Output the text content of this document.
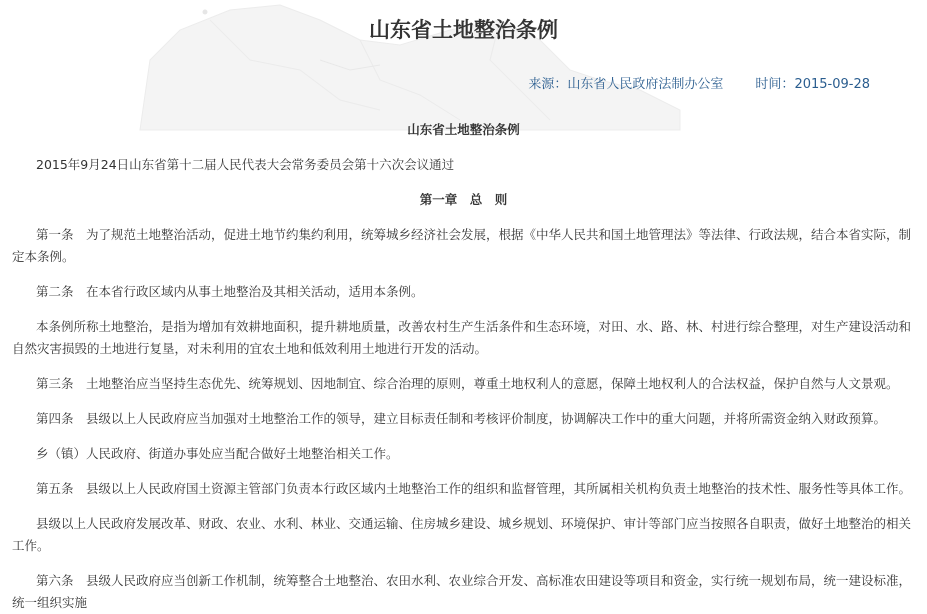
山东省土地整治条例
来源：山东省人民政府法制办公室 时间：2015-09-28

山东省土地整治条例

2015年9月24日山东省第十二届人民代表大会常务委员会第十六次会议通过

第一章　总　则

第一条　为了规范土地整治活动，促进土地节约集约利用，统筹城乡经济社会发展，根据《中华人民共和国土地管理法》等法律、行政法规，结合本省实际，制定本条例。

第二条　在本省行政区域内从事土地整治及其相关活动，适用本条例。

本条例所称土地整治，是指为增加有效耕地面积，提升耕地质量，改善农村生产生活条件和生态环境，对田、水、路、林、村进行综合整理，对生产建设活动和自然灾害损毁的土地进行复垦，对未利用的宜农土地和低效利用土地进行开发的活动。

第三条　土地整治应当坚持生态优先、统筹规划、因地制宜、综合治理的原则，尊重土地权利人的意愿，保障土地权利人的合法权益，保护自然与人文景观。

第四条　县级以上人民政府应当加强对土地整治工作的领导，建立目标责任制和考核评价制度，协调解决工作中的重大问题，并将所需资金纳入财政预算。

乡（镇）人民政府、街道办事处应当配合做好土地整治相关工作。

第五条　县级以上人民政府国土资源主管部门负责本行政区域内土地整治工作的组织和监督管理，其所属相关机构负责土地整治的技术性、服务性等具体工作。

县级以上人民政府发展改革、财政、农业、水利、林业、交通运输、住房城乡建设、城乡规划、环境保护、审计等部门应当按照各自职责，做好土地整治的相关工作。

第六条　县级人民政府应当创新工作机制，统筹整合土地整治、农田水利、农业综合开发、高标准农田建设等项目和资金，实行统一规划布局，统一建设标准，统一组织实施
